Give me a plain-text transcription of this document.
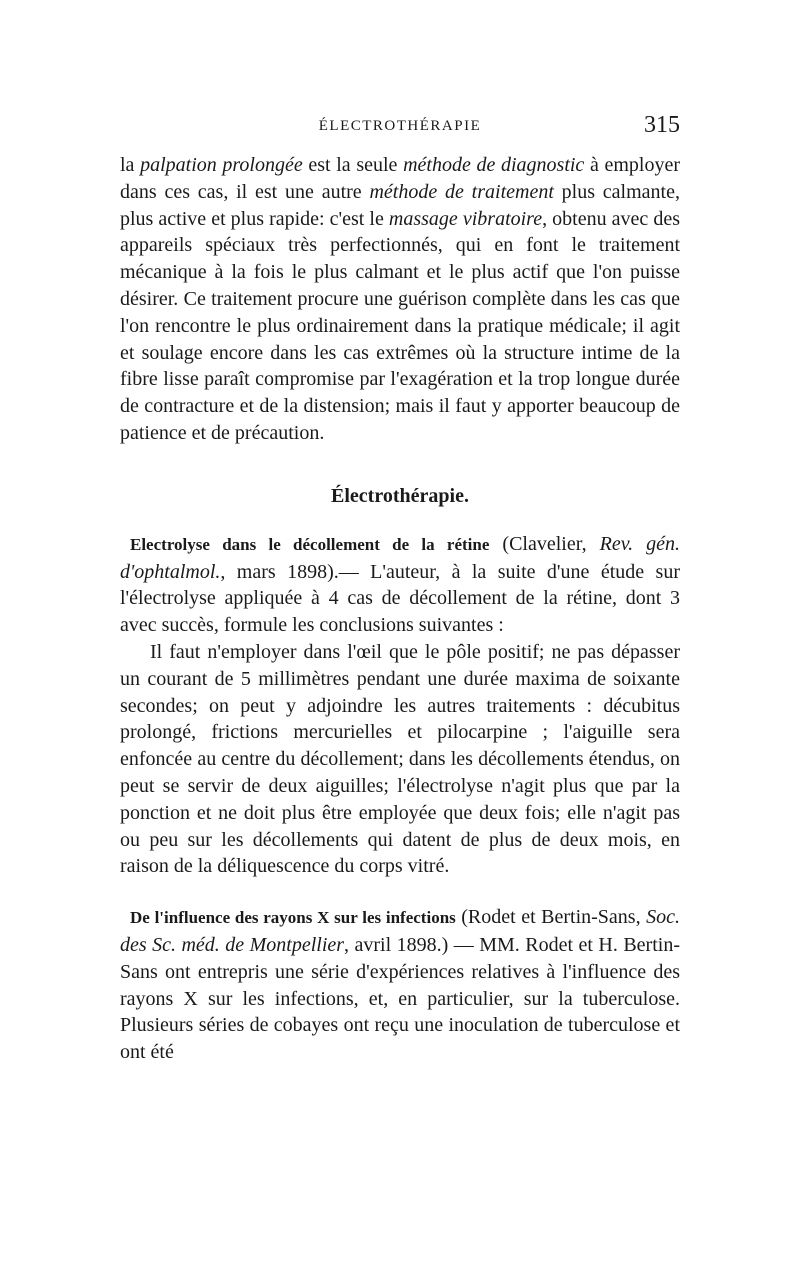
ÉLECTROTHÉRAPIE	315

la palpation prolongée est la seule méthode de diagnostic à employer dans ces cas, il est une autre méthode de traitement plus calmante, plus active et plus rapide: c'est le massage vibratoire, obtenu avec des appareils spéciaux très perfectionnés, qui en font le traitement mécanique à la fois le plus calmant et le plus actif que l'on puisse désirer. Ce traitement procure une guérison complète dans les cas que l'on rencontre le plus ordinairement dans la pratique médicale; il agit et soulage encore dans les cas extrêmes où la structure intime de la fibre lisse paraît compromise par l'exagération et la trop longue durée de contracture et de la distension; mais il faut y apporter beaucoup de patience et de précaution.

Électrothérapie.

Electrolyse dans le décollement de la rétine (Clavelier, Rev. gén. d'ophtalmol., mars 1898).— L'auteur, à la suite d'une étude sur l'électrolyse appliquée à 4 cas de décollement de la rétine, dont 3 avec succès, formule les conclusions suivantes :

Il faut n'employer dans l'œil que le pôle positif; ne pas dépasser un courant de 5 millimètres pendant une durée maxima de soixante secondes; on peut y adjoindre les autres traitements : décubitus prolongé, frictions mercurielles et pilocarpine ; l'aiguille sera enfoncée au centre du décollement; dans les décollements étendus, on peut se servir de deux aiguilles; l'électrolyse n'agit plus que par la ponction et ne doit plus être employée que deux fois; elle n'agit pas ou peu sur les décollements qui datent de plus de deux mois, en raison de la déliquescence du corps vitré.

De l'influence des rayons X sur les infections (Rodet et Bertin-Sans, Soc. des Sc. méd. de Montpellier, avril 1898.) — MM. Rodet et H. Bertin-Sans ont entrepris une série d'expériences relatives à l'influence des rayons X sur les infections, et, en particulier, sur la tuberculose. Plusieurs séries de cobayes ont reçu une inoculation de tuberculose et ont été
